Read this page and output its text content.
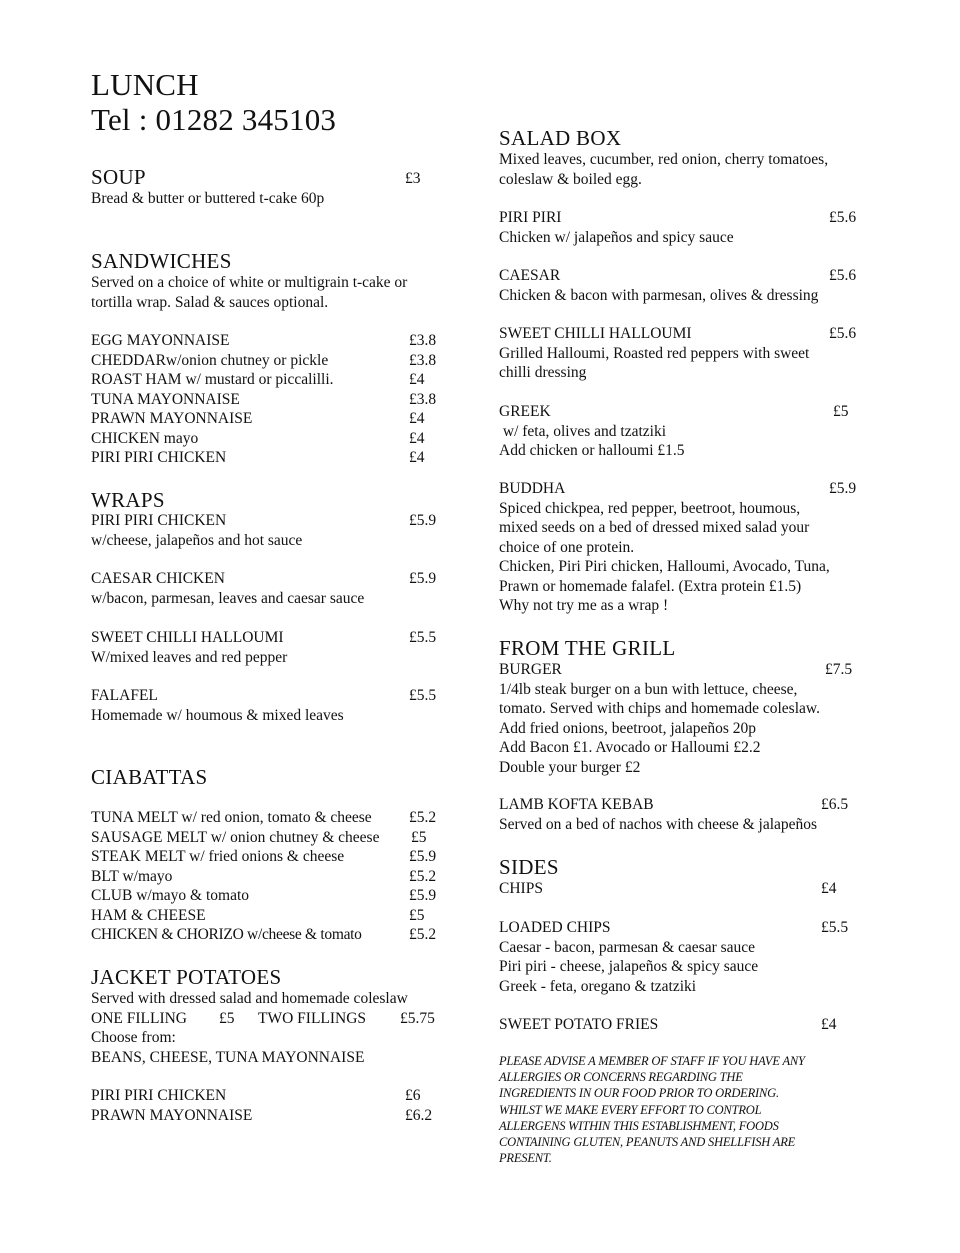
LUNCH
Tel : 01282 345103
SOUP	£3
Bread & butter or buttered t-cake 60p
SANDWICHES
Served on a choice of white or multigrain t-cake or
tortilla wrap. Salad & sauces optional.
EGG MAYONNAISE	£3.8
CHEDDARw/onion chutney or pickle	£3.8
ROAST HAM w/ mustard or piccalilli.	£4
TUNA MAYONNAISE	£3.8
PRAWN MAYONNAISE	£4
CHICKEN mayo	£4
PIRI PIRI CHICKEN	£4
WRAPS
PIRI PIRI CHICKEN	£5.9
w/cheese, jalapeños and hot sauce
CAESAR CHICKEN	£5.9
w/bacon, parmesan, leaves and caesar sauce
SWEET CHILLI HALLOUMI	£5.5
W/mixed leaves and red pepper
FALAFEL	£5.5
Homemade w/ houmous & mixed leaves
CIABATTAS
TUNA MELT w/ red onion, tomato & cheese £5.2
SAUSAGE MELT w/ onion chutney & cheese £5
STEAK MELT w/ fried onions & cheese	£5.9
BLT w/mayo	£5.2
CLUB w/mayo & tomato	£5.9
HAM & CHEESE	£5
CHICKEN & CHORIZO w/cheese & tomato	£5.2
JACKET POTATOES
Served with dressed salad and homemade coleslaw
ONE FILLING £5 TWO FILLINGS £5.75
Choose from:
BEANS, CHEESE, TUNA MAYONNAISE
PIRI PIRI CHICKEN	£6
PRAWN MAYONNAISE	£6.2
SALAD BOX
Mixed leaves, cucumber, red onion, cherry tomatoes,
coleslaw & boiled egg.
PIRI PIRI	£5.6
Chicken w/ jalapeños and spicy sauce
CAESAR	£5.6
Chicken & bacon with parmesan, olives & dressing
SWEET CHILLI HALLOUMI	£5.6
Grilled Halloumi, Roasted red peppers with sweet
chilli dressing
GREEK	£5
w/ feta, olives and tzatziki
Add chicken or halloumi £1.5
BUDDHA	£5.9
Spiced chickpea, red pepper, beetroot, houmous,
mixed seeds on a bed of dressed mixed salad your
choice of one protein.
Chicken, Piri Piri chicken, Halloumi, Avocado, Tuna,
Prawn or homemade falafel. (Extra protein £1.5)
Why not try me as a wrap !
FROM THE GRILL
BURGER	£7.5
1/4lb steak burger on a bun with lettuce, cheese,
tomato. Served with chips and homemade coleslaw.
Add fried onions, beetroot, jalapeños 20p
Add Bacon £1. Avocado or Halloumi £2.2
Double your burger £2
LAMB KOFTA KEBAB	£6.5
Served on a bed of nachos with cheese & jalapeños
SIDES
CHIPS	£4
LOADED CHIPS	£5.5
Caesar - bacon, parmesan & caesar sauce
Piri piri - cheese, jalapeños & spicy sauce
Greek - feta, oregano & tzatziki
SWEET POTATO FRIES	£4
PLEASE ADVISE A MEMBER OF STAFF IF YOU HAVE ANY
ALLERGIES OR CONCERNS REGARDING THE
INGREDIENTS IN OUR FOOD PRIOR TO ORDERING.
WHILST WE MAKE EVERY EFFORT TO CONTROL
ALLERGENS WITHIN THIS ESTABLISHMENT, FOODS
CONTAINING GLUTEN, PEANUTS AND SHELLFISH ARE
PRESENT.
